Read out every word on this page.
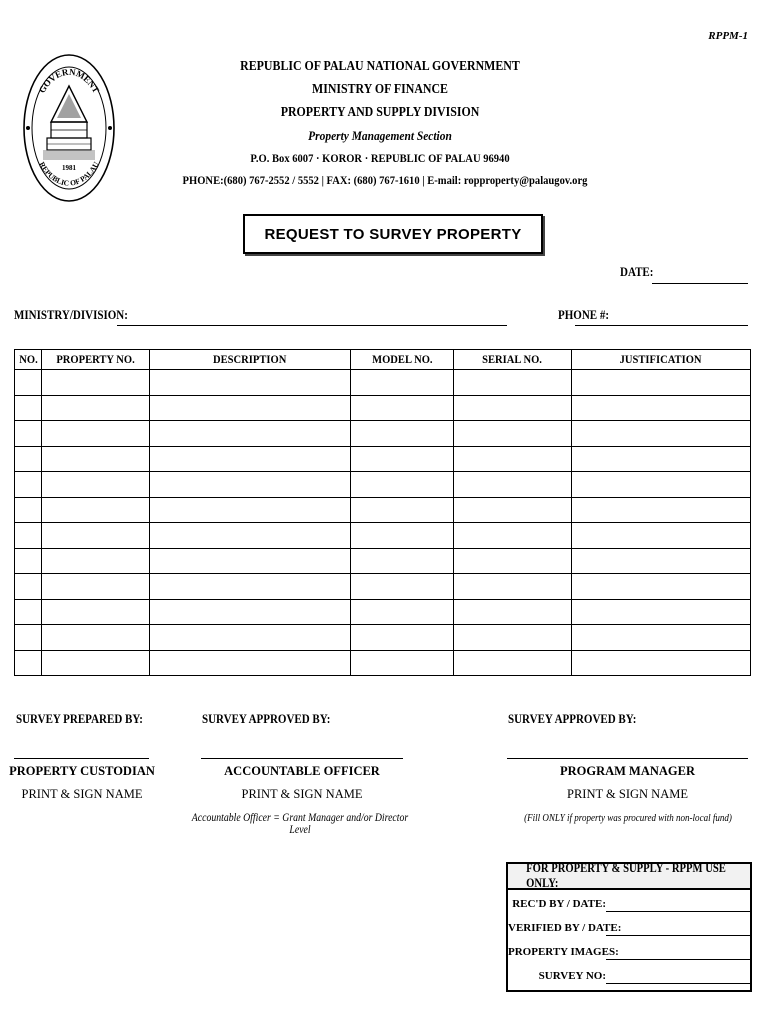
RPPM-1
GOVERNMENT
REPUBLIC OF PALAU
1981
REPUBLIC OF PALAU NATIONAL GOVERNMENT
MINISTRY OF FINANCE
PROPERTY AND SUPPLY DIVISION
Property Management Section
P.O. Box 6007 · KOROR · REPUBLIC OF PALAU 96940
PHONE:(680) 767-2552 / 5552 | FAX: (680) 767-1610 | E-mail: ropproperty@palaugov.org
REQUEST TO SURVEY PROPERTY
DATE:
MINISTRY/DIVISION:	PHONE #:
NO.	PROPERTY NO.	DESCRIPTION	MODEL NO.	SERIAL NO.	JUSTIFICATION

SURVEY PREPARED BY:	SURVEY APPROVED BY:	SURVEY APPROVED BY:
PROPERTY CUSTODIAN	ACCOUNTABLE OFFICER	PROGRAM MANAGER
PRINT & SIGN NAME	PRINT & SIGN NAME	PRINT & SIGN NAME
Accountable Officer = Grant Manager and/or Director Level
(Fill ONLY if property was procured with non-local fund)
FOR PROPERTY & SUPPLY - RPPM USE ONLY:
REC'D BY / DATE:
VERIFIED BY / DATE:
PROPERTY IMAGES:
SURVEY NO:
